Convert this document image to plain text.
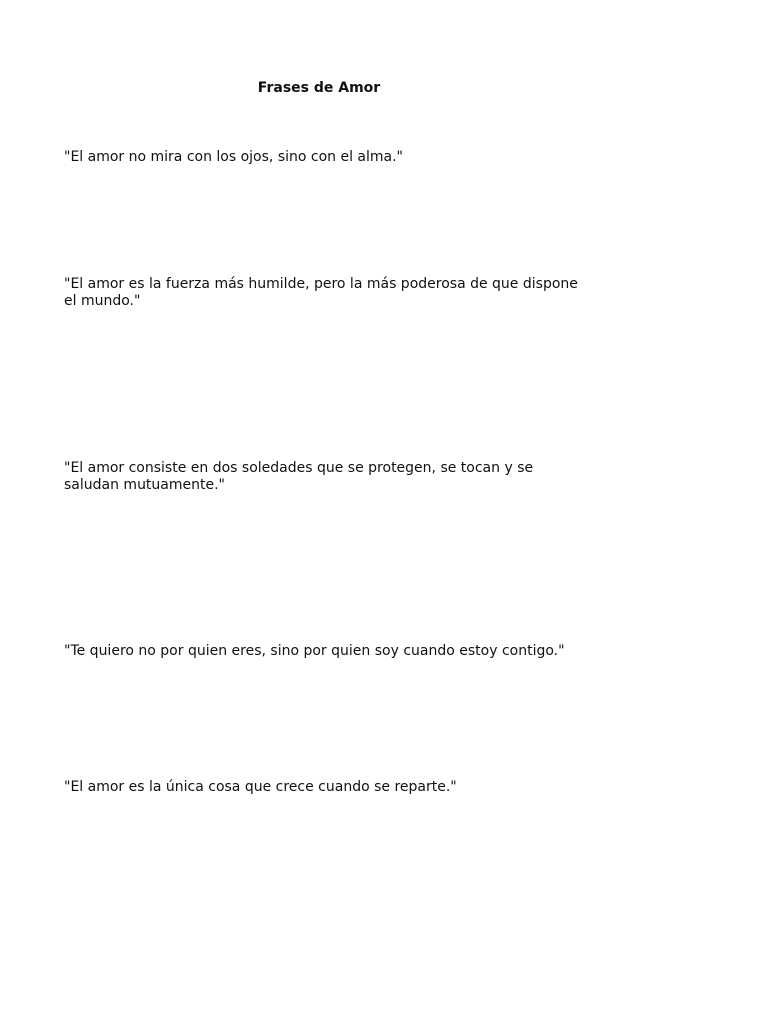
Frases de Amor

"El amor no mira con los ojos, sino con el alma."

"El amor es la fuerza más humilde, pero la más poderosa de que dispone el mundo."

"El amor consiste en dos soledades que se protegen, se tocan y se saludan mutuamente."

"Te quiero no por quien eres, sino por quien soy cuando estoy contigo."

"El amor es la única cosa que crece cuando se reparte."
